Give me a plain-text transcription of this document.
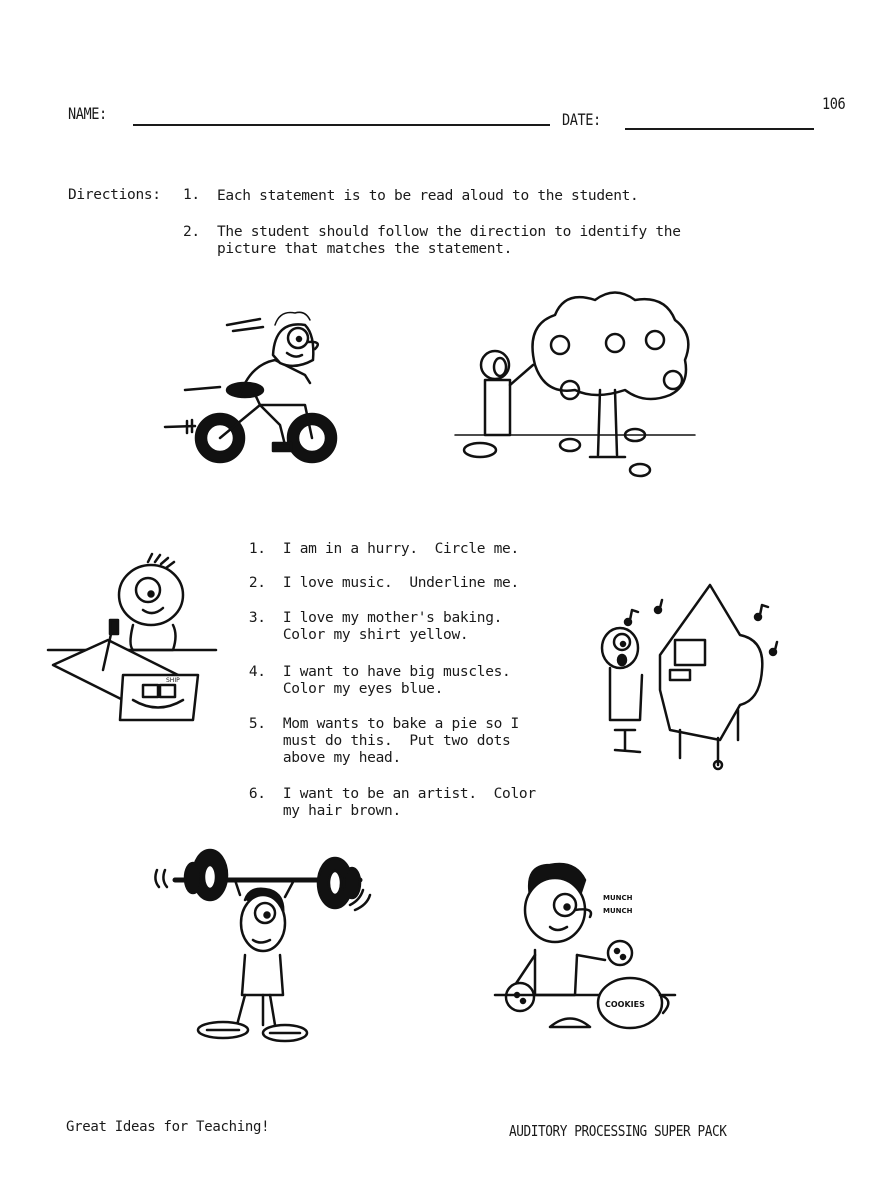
NAME:	DATE:
106
Directions: 1. Each statement is to be read aloud to the student.
2. The student should follow the direction to identify the
picture that matches the statement.

1. I am in a hurry.  Circle me.

2. I love music.  Underline me.

3. I love my mother's baking.
Color my shirt yellow.

4. I want to have big muscles.
Color my eyes blue.

5. Mom wants to bake a pie so I
must do this.  Put two dots
above my head.

6. I want to be an artist.  Color
my hair brown.

SHIP
MUNCH
MUNCH
COOKIES
Great Ideas for Teaching!	AUDITORY PROCESSING SUPER PACK
